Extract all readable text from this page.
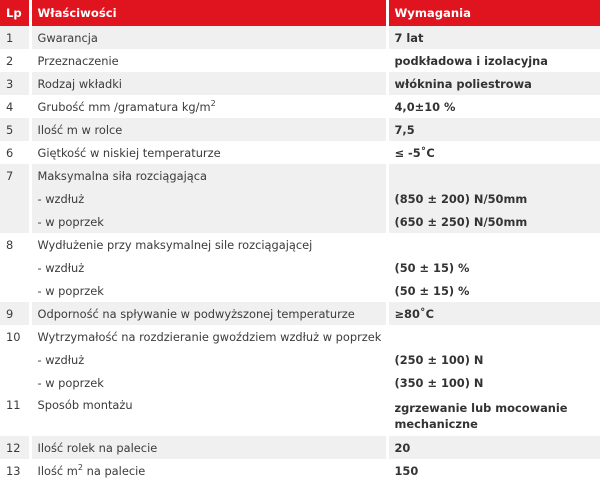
Lp	Właściwości	Wymagania
1	Gwarancja	7 lat
2	Przeznaczenie	podkładowa i izolacyjna
3	Rodzaj wkładki	włóknina poliestrowa
4	Grubość mm /gramatura $kg/m^2$	4,0±10 %
5	Ilość m w rolce	7,5
6	Giętkość w niskiej temperaturze	≤ -5˚C
7	Maksymalna siła rozciągająca	
	- wzdłuż	(850 ± 200) N/50mm
	- w poprzek	(650 ± 250) N/50mm
8	Wydłużenie przy maksymalnej sile rozciągającej	
	- wzdłuż	(50 ± 15) %
	- w poprzek	(50 ± 15) %
9	Odporność na spływanie w podwyższonej temperaturze	≥80˚C
10	Wytrzymałość na rozdzieranie gwoździem wzdłuż w poprzek	
	- wzdłuż	(250 ± 100) N
	- w poprzek	(350 ± 100) N
11	Sposób montażu	zgrzewanie lub mocowanie mechaniczne
12	Ilość rolek na palecie	20
13	Ilość $m^2$ na palecie	150
